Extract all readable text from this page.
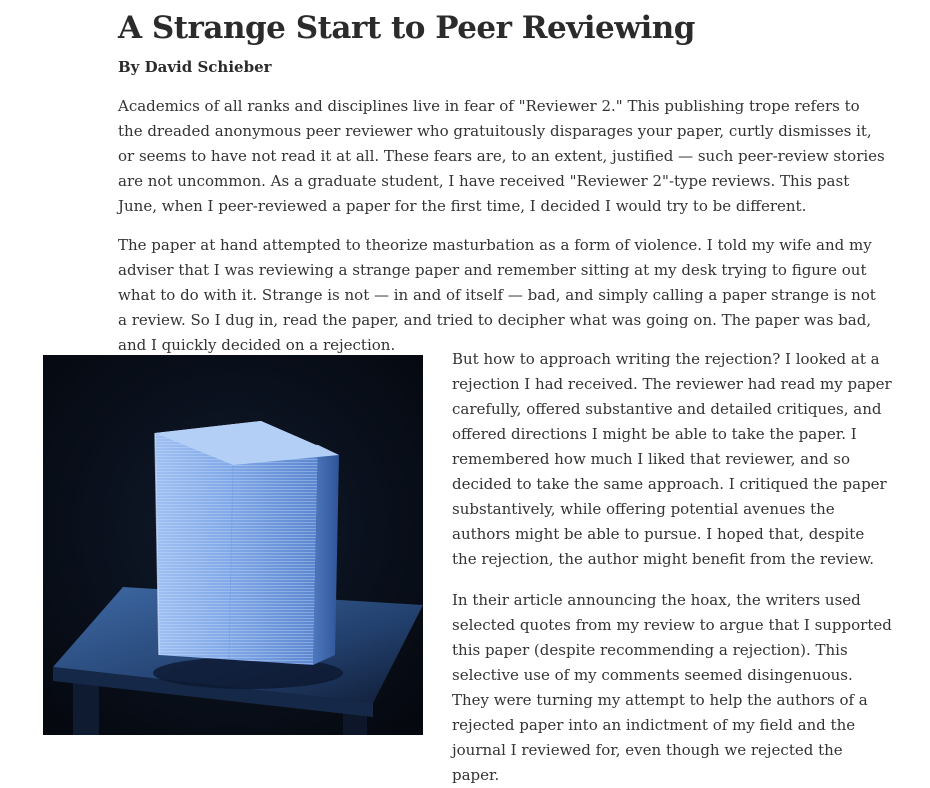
A Strange Start to Peer Reviewing
By David Schieber

Academics of all ranks and disciplines live in fear of "Reviewer 2." This publishing trope refers to the dreaded anonymous peer reviewer who gratuitously disparages your paper, curtly dismisses it, or seems to have not read it at all. These fears are, to an extent, justified — such peer-review stories are not uncommon. As a graduate student, I have received "Reviewer 2"-type reviews. This past June, when I peer-reviewed a paper for the first time, I decided I would try to be different.

The paper at hand attempted to theorize masturbation as a form of violence. I told my wife and my adviser that I was reviewing a strange paper and remember sitting at my desk trying to figure out what to do with it. Strange is not — in and of itself — bad, and simply calling a paper strange is not a review. So I dug in, read the paper, and tried to decipher what was going on. The paper was bad, and I quickly decided on a rejection.

But how to approach writing the rejection? I looked at a rejection I had received. The reviewer had read my paper carefully, offered substantive and detailed critiques, and offered directions I might be able to take the paper. I remembered how much I liked that reviewer, and so decided to take the same approach. I critiqued the paper substantively, while offering potential avenues the authors might be able to pursue. I hoped that, despite the rejection, the author might benefit from the review.

In their article announcing the hoax, the writers used selected quotes from my review to argue that I supported this paper (despite recommending a rejection). This selective use of my comments seemed disingenuous. They were turning my attempt to help the authors of a rejected paper into an indictment of my field and the journal I reviewed for, even though we rejected the paper.
